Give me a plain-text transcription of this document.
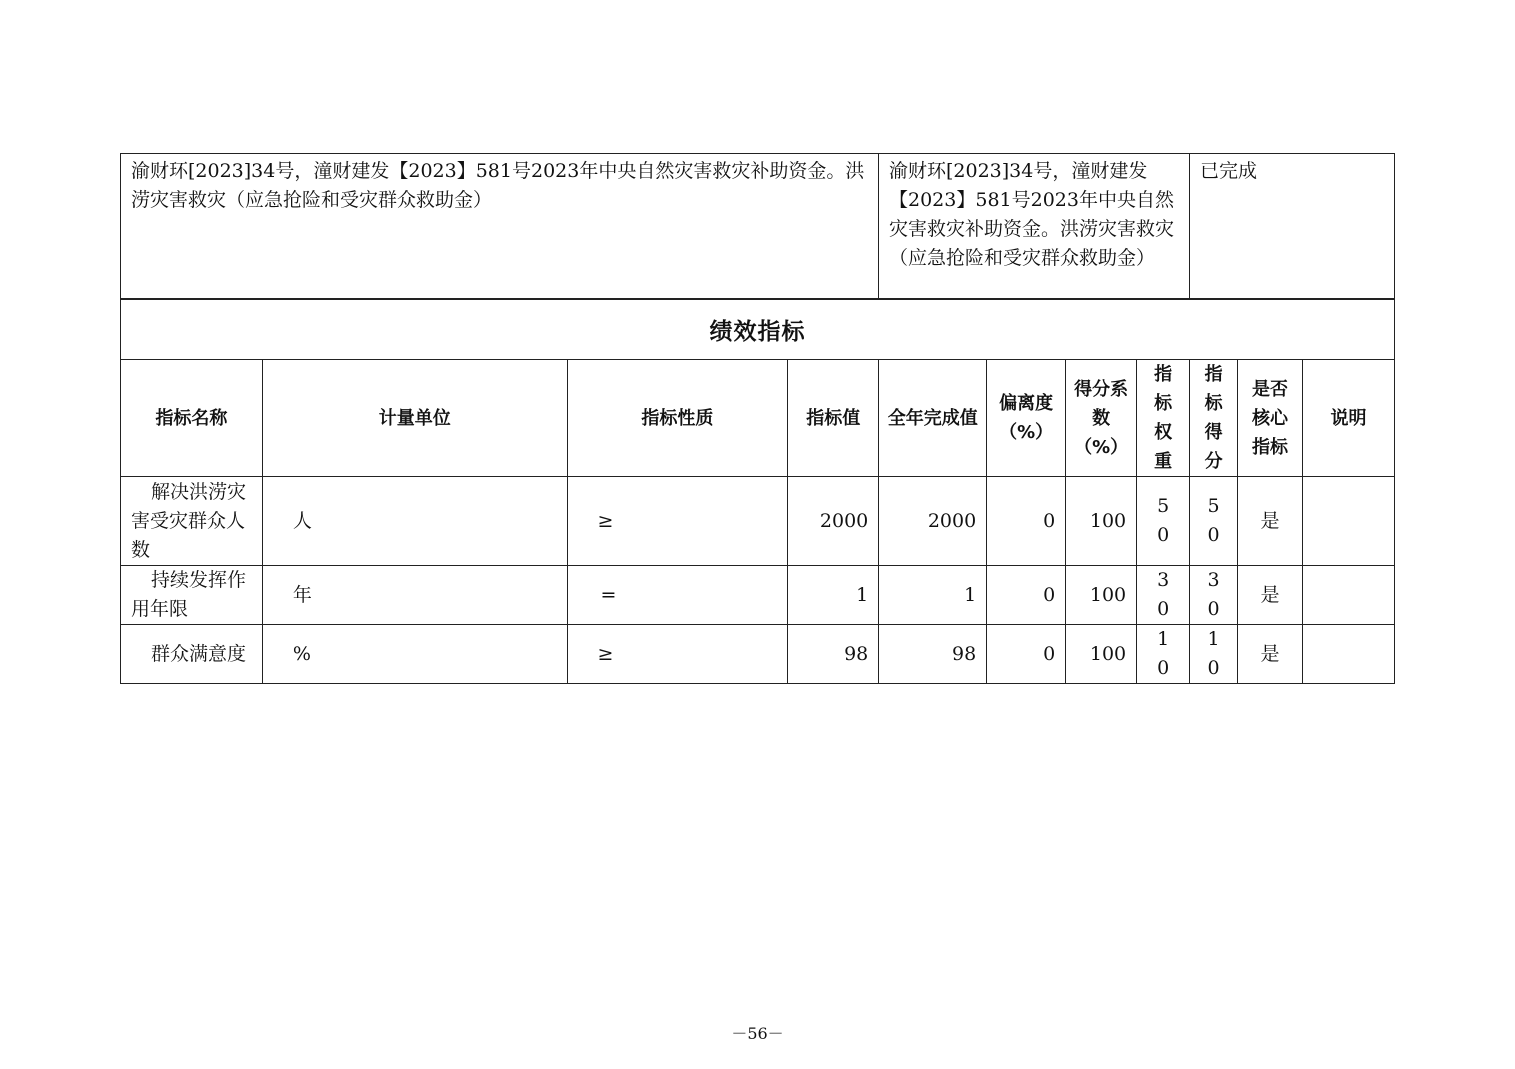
渝财环[2023]34号，潼财建发【2023】581号2023年中央自然灾害救灾补助资金。洪涝灾害救灾（应急抢险和受灾群众救助金）	渝财环[2023]34号，潼财建发【2023】581号2023年中央自然灾害救灾补助资金。洪涝灾害救灾（应急抢险和受灾群众救助金）	已完成
绩效指标										
指标名称	计量单位	指标性质	指标值	全年完成值	偏离度（%）	得分系数（%）	指标权重	指标得分	是否核心指标	说明
解决洪涝灾害受灾群众人数	人	≥	2000	2000	0	100	50	50	是	
持续发挥作用年限	年	=	1	1	0	100	30	30	是	
群众满意度	%	≥	98	98	0	100	10	10	是	
－56－
